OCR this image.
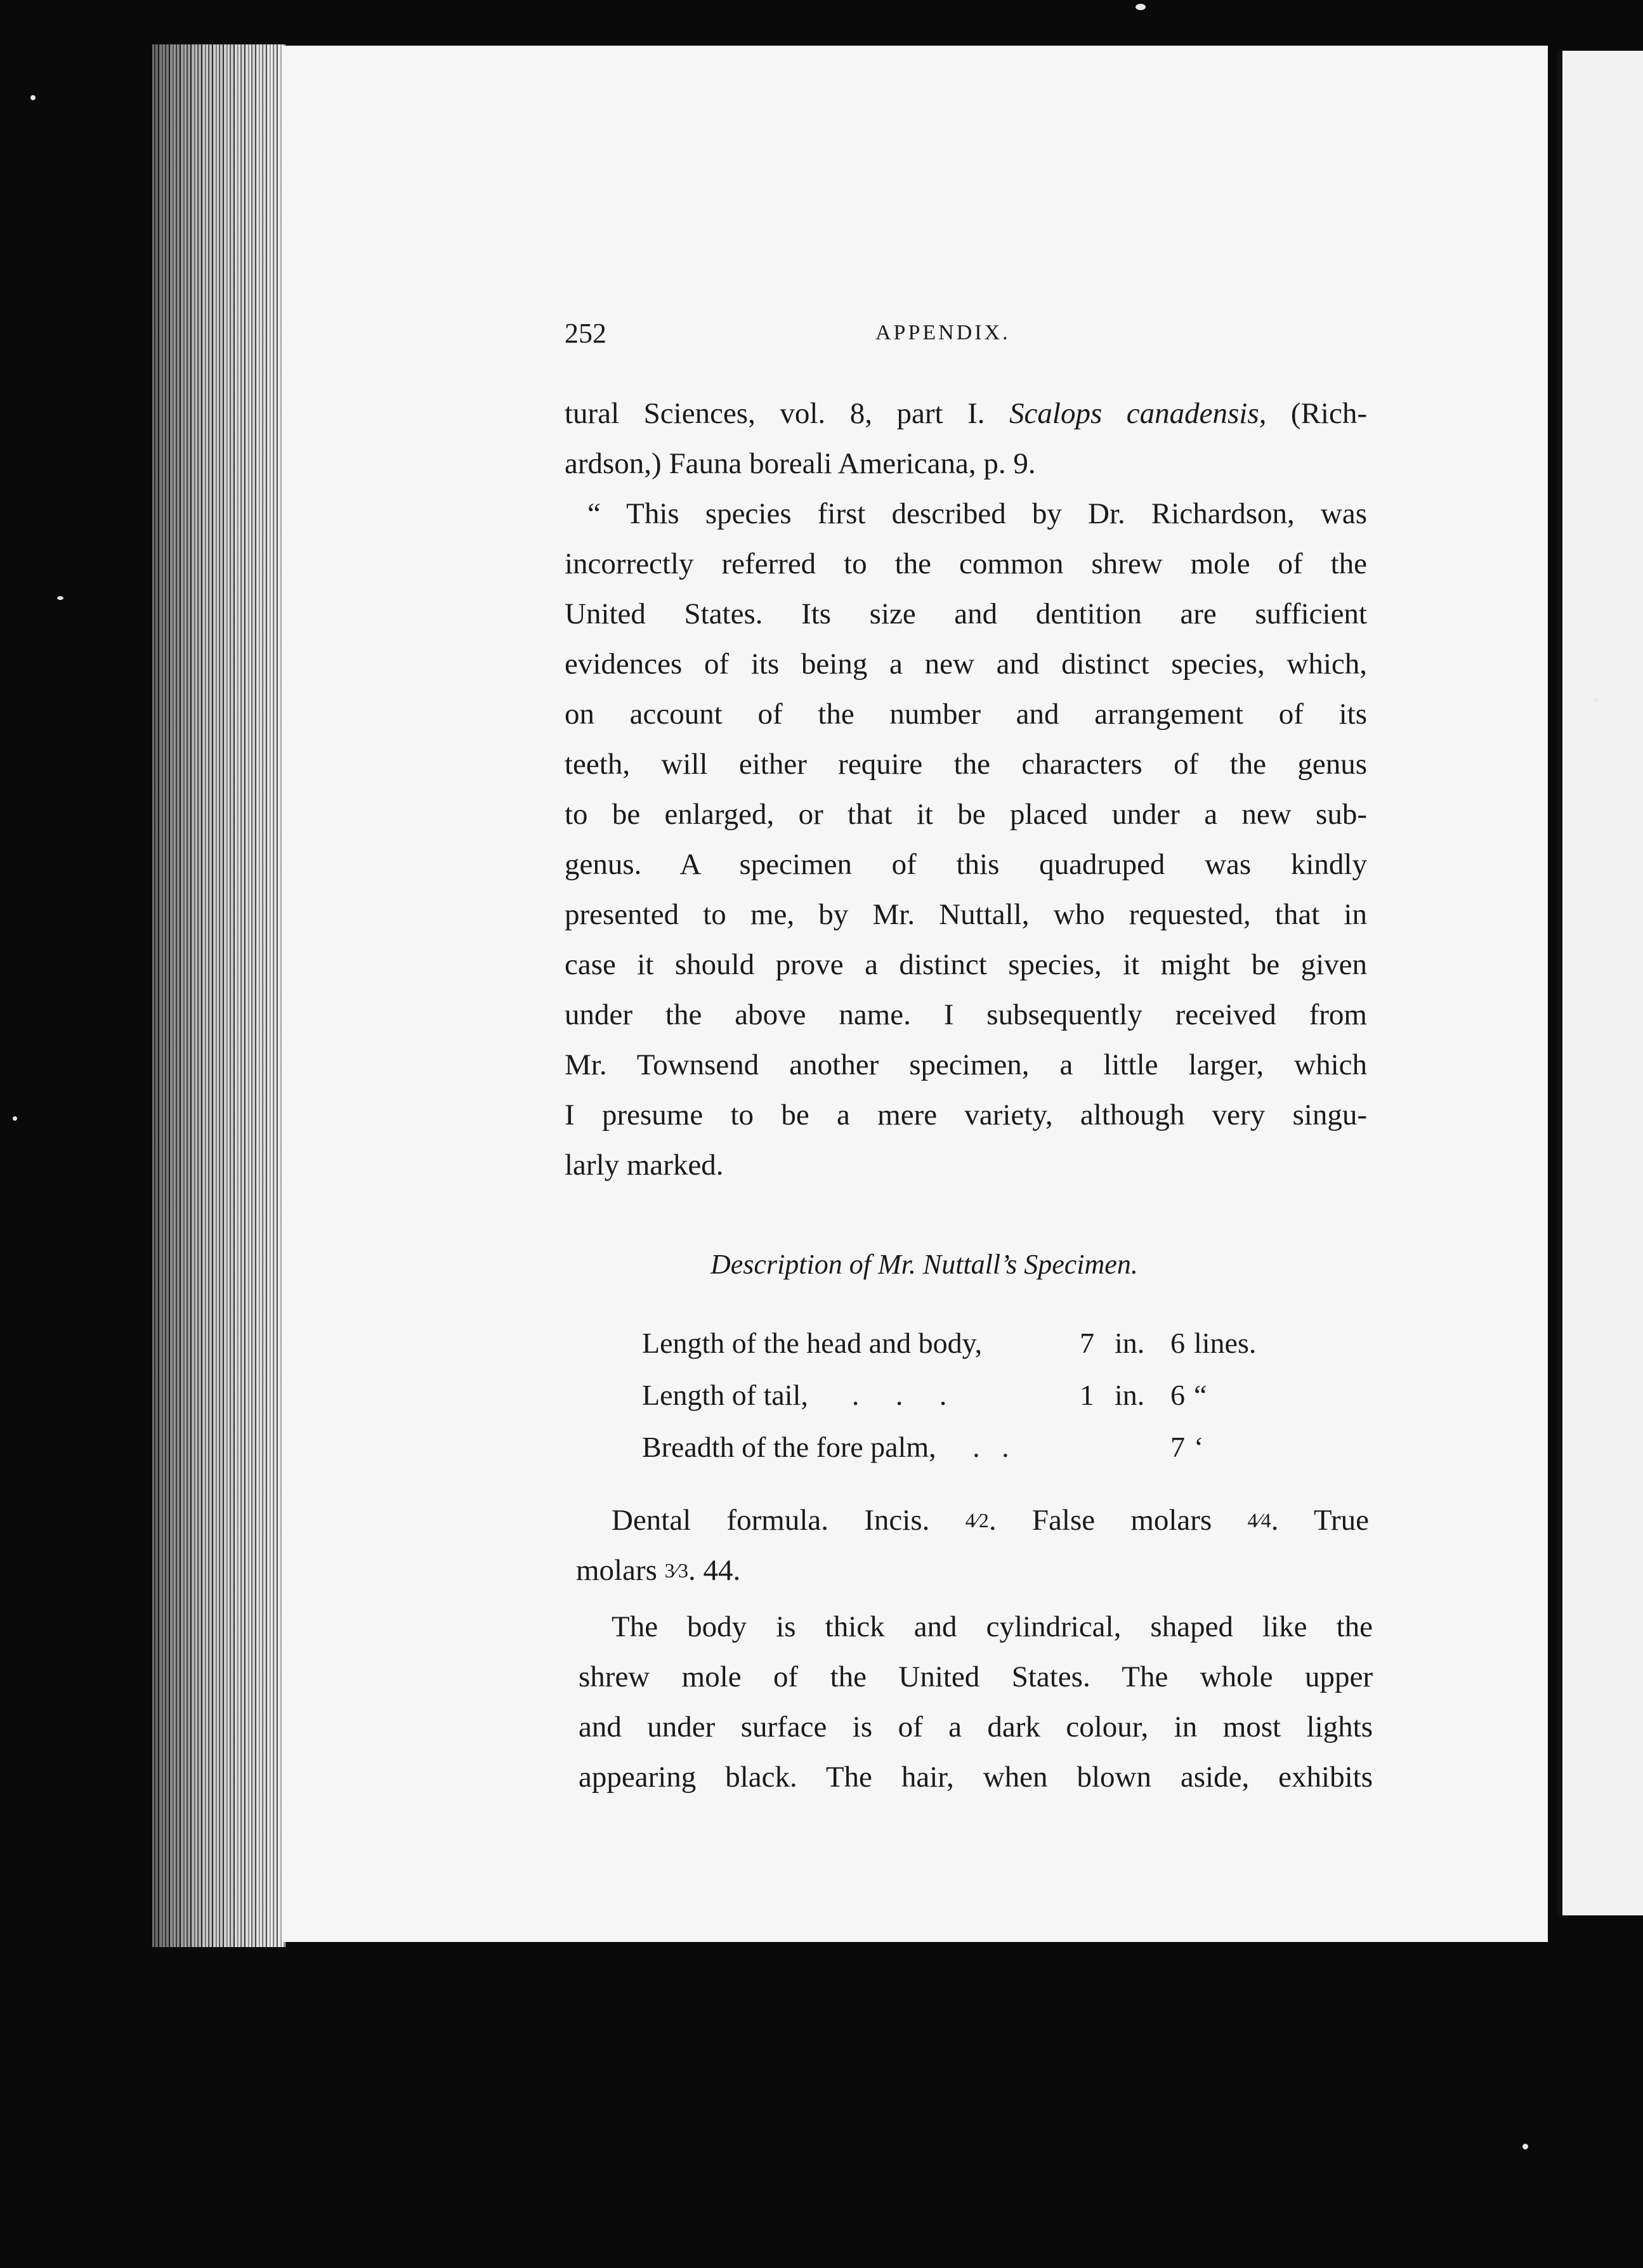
252	APPENDIX.
tural Sciences, vol. 8, part I. Scalops canadensis, (Rich-
ardson,) Fauna boreali Americana, p. 9.
“ This species first described by Dr. Richardson, was
incorrectly referred to the common shrew mole of the
United States. Its size and dentition are sufficient
evidences of its being a new and distinct species, which,
on account of the number and arrangement of its
teeth, will either require the characters of the genus
to be enlarged, or that it be placed under a new sub-
genus. A specimen of this quadruped was kindly
presented to me, by Mr. Nuttall, who requested, that in
case it should prove a distinct species, it might be given
under the above name. I subsequently received from
Mr. Townsend another specimen, a little larger, which
I presume to be a mere variety, although very singu-
larly marked.
Description of Mr. Nuttall’s Specimen.
Length of the head and body,	7 in. 6 lines.
Length of tail,      .     .     .	1 in. 6 “
Breadth of the fore palm,     .   .	7 ‘
Dental formula. Incis. 4⁄2. False molars 4⁄4. True
molars 3⁄3. 44.
The body is thick and cylindrical, shaped like the
shrew mole of the United States. The whole upper
and under surface is of a dark colour, in most lights
appearing black. The hair, when blown aside, exhibits
